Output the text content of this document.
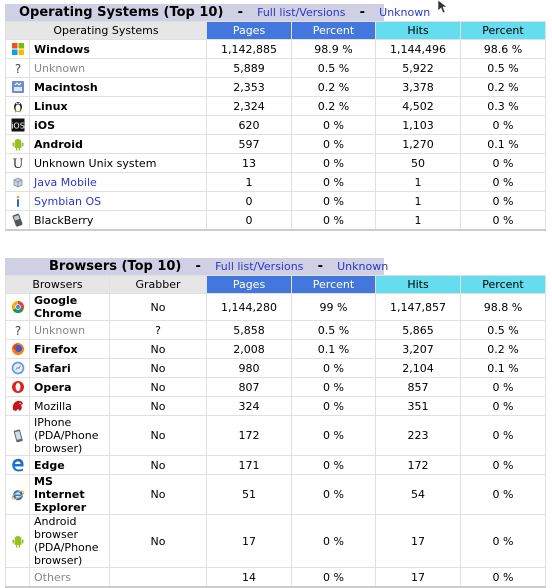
Operating Systems (Top 10) - Full list/Versions - Unknown
Operating Systems		Pages	Percent	Hits	Percent
	Windows	1,142,885	98.9 %	1,144,496	98.6 %

?	Unknown	5,889	0.5 %	5,922	0.5 %
	Macintosh	2,353	0.2 %	3,378	0.2 %
	Linux	2,324	0.2 %	4,502	0.3 %

iOS	iOS	620	0 %	1,103	0 %
	Android	597	0 %	1,270	0.1 %

U	Unknown Unix system	13	0 %	50	0 %
	Java Mobile	1	0 %	1	0 %
	Symbian OS	0	0 %	1	0 %
	BlackBerry	0	0 %	1	0 %
Browsers (Top 10) - Full list/Versions - Unknown
Browsers		Grabber	Pages	Percent	Hits	Percent
	Google Chrome	No	1,144,280	99 %	1,147,857	98.8 %

?	Unknown	?	5,858	0.5 %	5,865	0.5 %
	Firefox	No	2,008	0.1 %	3,207	0.2 %
	Safari	No	980	0 %	2,104	0.1 %
	Opera	No	807	0 %	857	0 %
	Mozilla	No	324	0 %	351	0 %
	IPhone (PDA/Phone browser)	No	172	0 %	223	0 %
	Edge	No	171	0 %	172	0 %
	MS Internet Explorer	No	51	0 %	54	0 %
	Android browser (PDA/Phone browser)	No	17	0 %	17	0 %
	Others		14	0 %	17	0 %
